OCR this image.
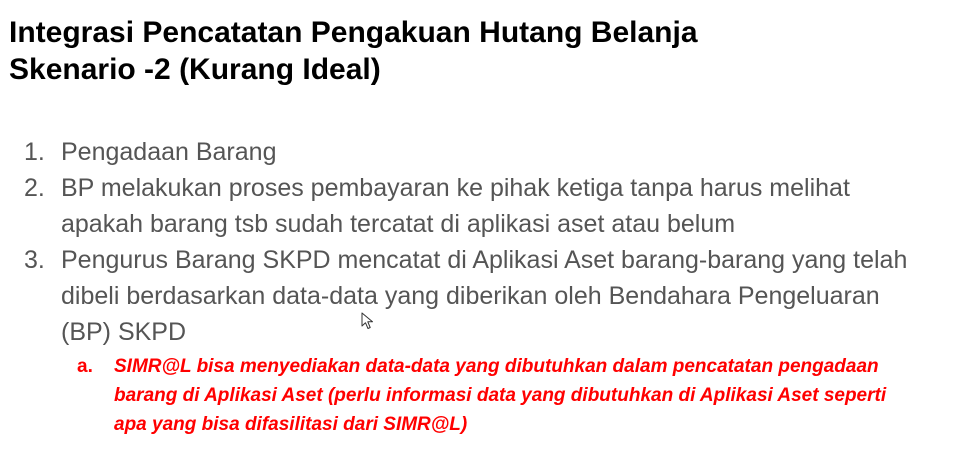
Integrasi Pencatatan Pengakuan Hutang Belanja
Skenario -2 (Kurang Ideal)
1. Pengadaan Barang
2. BP melakukan proses pembayaran ke pihak ketiga tanpa harus melihat
apakah barang tsb sudah tercatat di aplikasi aset atau belum
3. Pengurus Barang SKPD mencatat di Aplikasi Aset barang-barang yang telah
dibeli berdasarkan data-data yang diberikan oleh Bendahara Pengeluaran
(BP) SKPD
a. SIMR@L bisa menyediakan data-data yang dibutuhkan dalam pencatatan pengadaan
barang di Aplikasi Aset (perlu informasi data yang dibutuhkan di Aplikasi Aset seperti
apa yang bisa difasilitasi dari SIMR@L)
